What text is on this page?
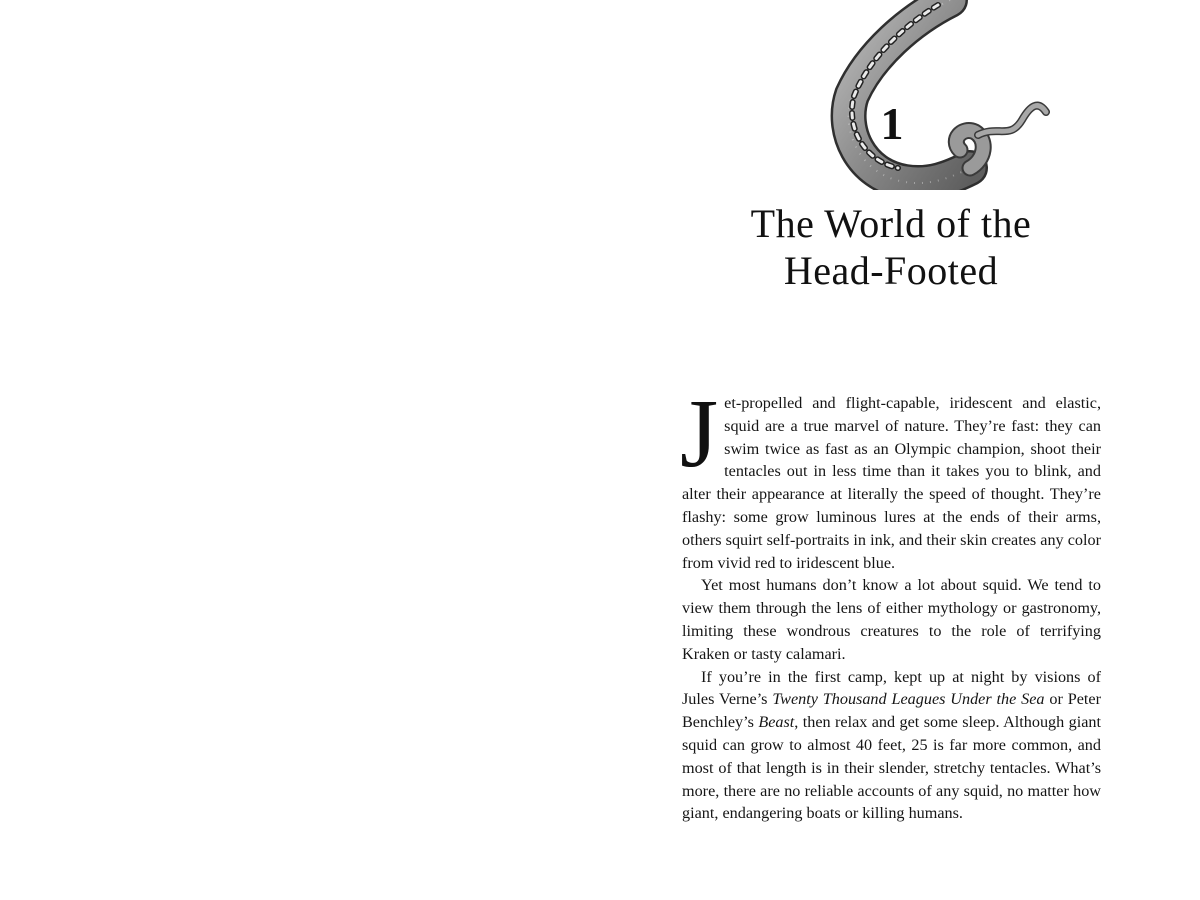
1
The World of the
Head-Footed

Jet-propelled and flight-capable, iridescent and elastic, squid are a true marvel of nature. They’re fast: they can swim twice as fast as an Olympic champion, shoot their tentacles out in less time than it takes you to blink, and alter their appearance at literally the speed of thought. They’re flashy: some grow luminous lures at the ends of their arms, others squirt self-portraits in ink, and their skin creates any color from vivid red to iridescent blue.

Yet most humans don’t know a lot about squid. We tend to view them through the lens of either mythology or gastronomy, limiting these wondrous creatures to the role of terrifying Kraken or tasty calamari.

If you’re in the first camp, kept up at night by visions of Jules Verne’s Twenty Thousand Leagues Under the Sea or Peter Benchley’s Beast, then relax and get some sleep. Although giant squid can grow to almost 40 feet, 25 is far more common, and most of that length is in their slender, stretchy tentacles. What’s more, there are no reliable accounts of any squid, no matter how giant, endangering boats or killing humans.
